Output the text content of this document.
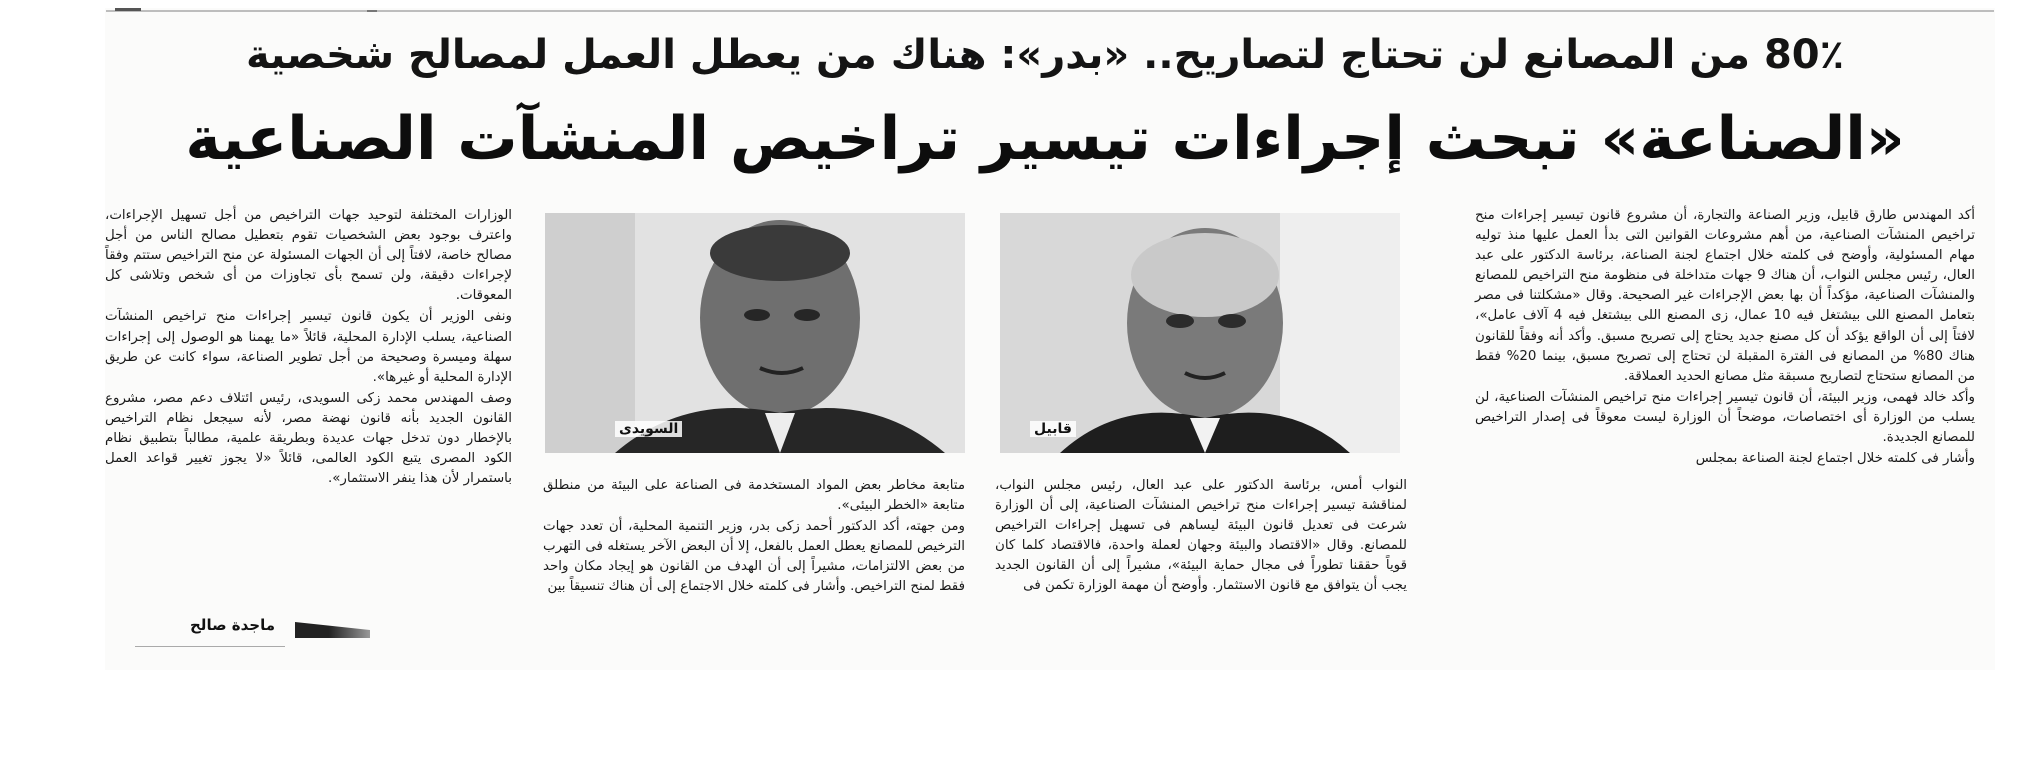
80٪ من المصانع لن تحتاج لتصاريح.. «بدر»: هناك من يعطل العمل لمصالح شخصية
«الصناعة» تبحث إجراءات تيسير تراخيص المنشآت الصناعية

أكد المهندس طارق قابيل، وزير الصناعة والتجارة، أن مشروع قانون تيسير إجراءات منح تراخيص المنشآت الصناعية، من أهم مشروعات القوانين التى بدأ العمل عليها منذ توليه مهام المسئولية، وأوضح فى كلمته خلال اجتماع لجنة الصناعة، برئاسة الدكتور على عبد العال، رئيس مجلس النواب، أن هناك 9 جهات متداخلة فى منظومة منح التراخيص للمصانع والمنشآت الصناعية، مؤكداً أن بها بعض الإجراءات غير الصحيحة. وقال «مشكلتنا فى مصر بتعامل المصنع اللى بيشتغل فيه 10 عمال، زى المصنع اللى بيشتغل فيه 4 آلاف عامل»، لافتاً إلى أن الواقع يؤكد أن كل مصنع جديد يحتاج إلى تصريح مسبق. وأكد أنه وفقاً للقانون هناك 80% من المصانع فى الفترة المقبلة لن تحتاج إلى تصريح مسبق، بينما 20% فقط من المصانع ستحتاج لتصاريح مسبقة مثل مصانع الحديد العملاقة.

وأكد خالد فهمى، وزير البيئة، أن قانون تيسير إجراءات منح تراخيص المنشآت الصناعية، لن يسلب من الوزارة أى اختصاصات، موضحاً أن الوزارة ليست معوقاً فى إصدار التراخيص للمصانع الجديدة.

وأشار فى كلمته خلال اجتماع لجنة الصناعة بمجلس

قابيل

النواب أمس، برئاسة الدكتور على عبد العال، رئيس مجلس النواب، لمناقشة تيسير إجراءات منح تراخيص المنشآت الصناعية، إلى أن الوزارة شرعت فى تعديل قانون البيئة ليساهم فى تسهيل إجراءات التراخيص للمصانع. وقال «الاقتصاد والبيئة وجهان لعملة واحدة، فالاقتصاد كلما كان قوياً حققنا تطوراً فى مجال حماية البيئة»، مشيراً إلى أن القانون الجديد يجب أن يتوافق مع قانون الاستثمار. وأوضح أن مهمة الوزارة تكمن فى

السويدى

متابعة مخاطر بعض المواد المستخدمة فى الصناعة على البيئة من منطلق متابعة «الخطر البيئى».

ومن جهته، أكد الدكتور أحمد زكى بدر، وزير التنمية المحلية، أن تعدد جهات الترخيص للمصانع يعطل العمل بالفعل، إلا أن البعض الآخر يستغله فى التهرب من بعض الالتزامات، مشيراً إلى أن الهدف من القانون هو إيجاد مكان واحد فقط لمنح التراخيص. وأشار فى كلمته خلال الاجتماع إلى أن هناك تنسيقاً بين

الوزارات المختلفة لتوحيد جهات التراخيص من أجل تسهيل الإجراءات، واعترف بوجود بعض الشخصيات تقوم بتعطيل مصالح الناس من أجل مصالح خاصة، لافتاً إلى أن الجهات المسئولة عن منح التراخيص ستتم وفقاً لإجراءات دقيقة، ولن تسمح بأى تجاوزات من أى شخص وتلاشى كل المعوقات.

ونفى الوزير أن يكون قانون تيسير إجراءات منح تراخيص المنشآت الصناعية، يسلب الإدارة المحلية، قائلاً «ما يهمنا هو الوصول إلى إجراءات سهلة وميسرة وصحيحة من أجل تطوير الصناعة، سواء كانت عن طريق الإدارة المحلية أو غيرها».

وصف المهندس محمد زكى السويدى، رئيس ائتلاف دعم مصر، مشروع القانون الجديد بأنه قانون نهضة مصر، لأنه سيجعل نظام التراخيص بالإخطار دون تدخل جهات عديدة وبطريقة علمية، مطالباً بتطبيق نظام الكود المصرى يتبع الكود العالمى، قائلاً «لا يجوز تغيير قواعد العمل باستمرار لأن هذا ينفر الاستثمار».

ماجدة صالح
